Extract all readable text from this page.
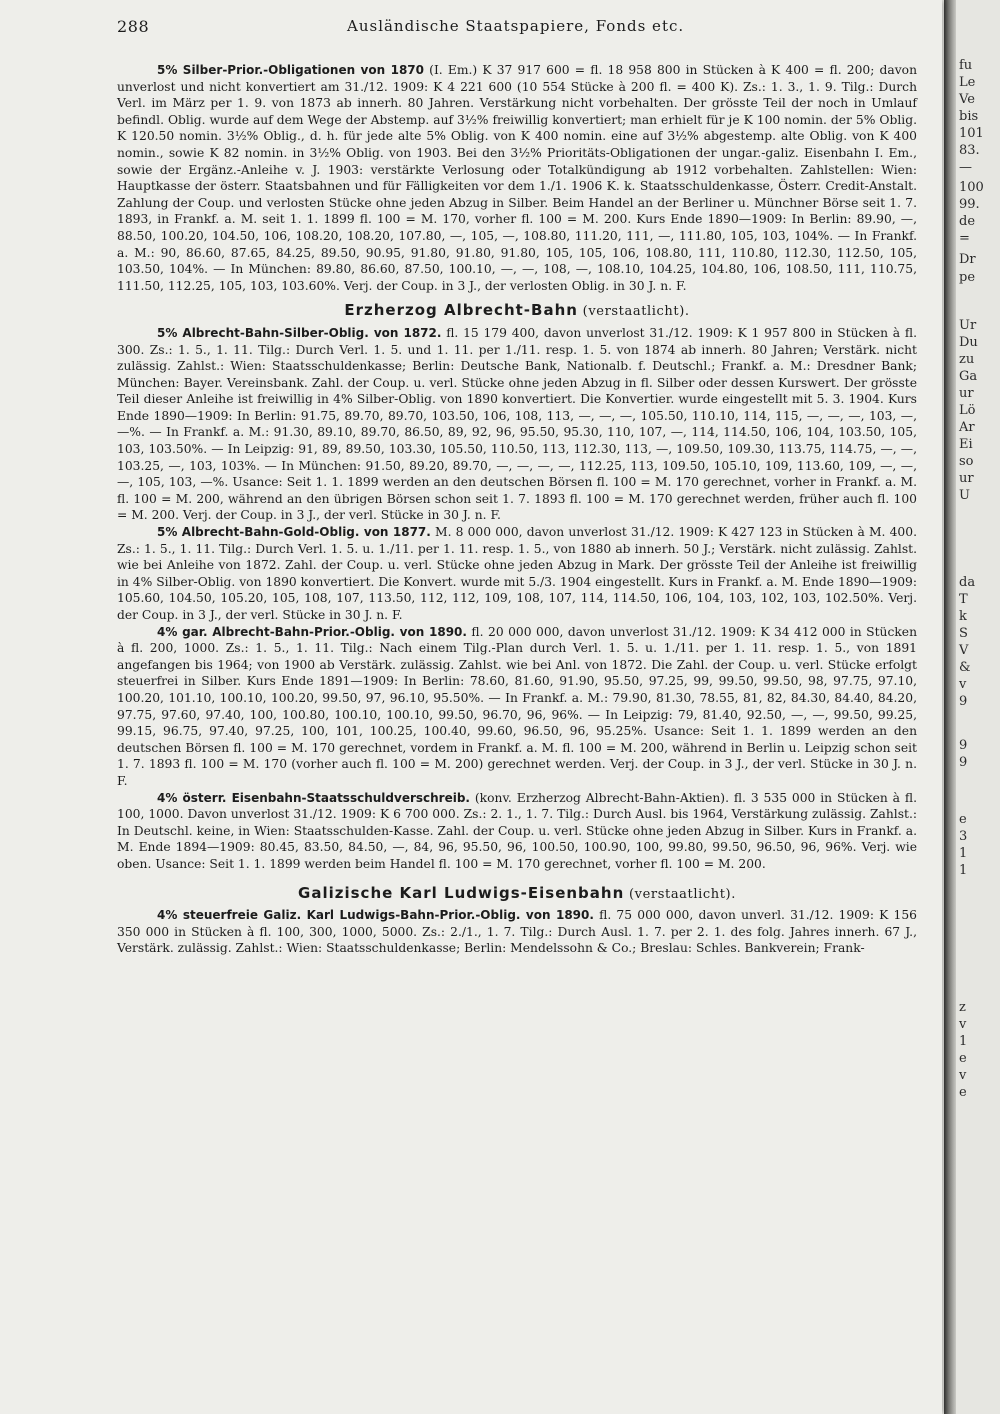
fu
Le
Ve
bis
101
83.
—
100
99.
de
=
Dr
pe
Ur
Du
zu
Ga
ur
Lö
Ar
Ei
so
ur
U
da
T
k
S
V
&
v
9
9
9
e
3
1
1
z
v
1
e
v
e
288	Ausländische Staatspapiere, Fonds etc.

5% Silber-Prior.-Obligationen von 1870 (I. Em.) K 37 917 600 = fl. 18 958 800 in Stücken à K 400 = fl. 200; davon unverlost und nicht konvertiert am 31./12. 1909: K 4 221 600 (10 554 Stücke à 200 fl. = 400 K). Zs.: 1. 3., 1. 9. Tilg.: Durch Verl. im März per 1. 9. von 1873 ab innerh. 80 Jahren. Verstärkung nicht vorbehalten. Der grösste Teil der noch in Umlauf befindl. Oblig. wurde auf dem Wege der Abstemp. auf 3½% freiwillig konvertiert; man erhielt für je K 100 nomin. der 5% Oblig. K 120.50 nomin. 3½% Oblig., d. h. für jede alte 5% Oblig. von K 400 nomin. eine auf 3½% abgestemp. alte Oblig. von K 400 nomin., sowie K 82 nomin. in 3½% Oblig. von 1903. Bei den 3½% Prioritäts-Obligationen der ungar.-galiz. Eisenbahn I. Em., sowie der Ergänz.-Anleihe v. J. 1903: verstärkte Verlosung oder Totalkündigung ab 1912 vorbehalten. Zahlstellen: Wien: Hauptkasse der österr. Staatsbahnen und für Fälligkeiten vor dem 1./1. 1906 K. k. Staatsschuldenkasse, Österr. Credit-Anstalt. Zahlung der Coup. und verlosten Stücke ohne jeden Abzug in Silber. Beim Handel an der Berliner u. Münchner Börse seit 1. 7. 1893, in Frankf. a. M. seit 1. 1. 1899 fl. 100 = M. 170, vorher fl. 100 = M. 200. Kurs Ende 1890—1909: In Berlin: 89.90, —, 88.50, 100.20, 104.50, 106, 108.20, 108.20, 107.80, —, 105, —, 108.80, 111.20, 111, —, 111.80, 105, 103, 104%. — In Frankf. a. M.: 90, 86.60, 87.65, 84.25, 89.50, 90.95, 91.80, 91.80, 91.80, 105, 105, 106, 108.80, 111, 110.80, 112.30, 112.50, 105, 103.50, 104%. — In München: 89.80, 86.60, 87.50, 100.10, —, —, 108, —, 108.10, 104.25, 104.80, 106, 108.50, 111, 110.75, 111.50, 112.25, 105, 103, 103.60%. Verj. der Coup. in 3 J., der verlosten Oblig. in 30 J. n. F.

Erzherzog Albrecht-Bahn (verstaatlicht).

5% Albrecht-Bahn-Silber-Oblig. von 1872. fl. 15 179 400, davon unverlost 31./12. 1909: K 1 957 800 in Stücken à fl. 300. Zs.: 1. 5., 1. 11. Tilg.: Durch Verl. 1. 5. und 1. 11. per 1./11. resp. 1. 5. von 1874 ab innerh. 80 Jahren; Verstärk. nicht zulässig. Zahlst.: Wien: Staatsschuldenkasse; Berlin: Deutsche Bank, Nationalb. f. Deutschl.; Frankf. a. M.: Dresdner Bank; München: Bayer. Vereinsbank. Zahl. der Coup. u. verl. Stücke ohne jeden Abzug in fl. Silber oder dessen Kurswert. Der grösste Teil dieser Anleihe ist freiwillig in 4% Silber-Oblig. von 1890 konvertiert. Die Konvertier. wurde eingestellt mit 5. 3. 1904. Kurs Ende 1890—1909: In Berlin: 91.75, 89.70, 89.70, 103.50, 106, 108, 113, —, —, —, 105.50, 110.10, 114, 115, —, —, —, 103, —, —%. — In Frankf. a. M.: 91.30, 89.10, 89.70, 86.50, 89, 92, 96, 95.50, 95.30, 110, 107, —, 114, 114.50, 106, 104, 103.50, 105, 103, 103.50%. — In Leipzig: 91, 89, 89.50, 103.30, 105.50, 110.50, 113, 112.30, 113, —, 109.50, 109.30, 113.75, 114.75, —, —, 103.25, —, 103, 103%. — In München: 91.50, 89.20, 89.70, —, —, —, —, 112.25, 113, 109.50, 105.10, 109, 113.60, 109, —, —, —, 105, 103, —%. Usance: Seit 1. 1. 1899 werden an den deutschen Börsen fl. 100 = M. 170 gerechnet, vorher in Frankf. a. M. fl. 100 = M. 200, während an den übrigen Börsen schon seit 1. 7. 1893 fl. 100 = M. 170 gerechnet werden, früher auch fl. 100 = M. 200. Verj. der Coup. in 3 J., der verl. Stücke in 30 J. n. F.

5% Albrecht-Bahn-Gold-Oblig. von 1877. M. 8 000 000, davon unverlost 31./12. 1909: K 427 123 in Stücken à M. 400. Zs.: 1. 5., 1. 11. Tilg.: Durch Verl. 1. 5. u. 1./11. per 1. 11. resp. 1. 5., von 1880 ab innerh. 50 J.; Verstärk. nicht zulässig. Zahlst. wie bei Anleihe von 1872. Zahl. der Coup. u. verl. Stücke ohne jeden Abzug in Mark. Der grösste Teil der Anleihe ist freiwillig in 4% Silber-Oblig. von 1890 konvertiert. Die Konvert. wurde mit 5./3. 1904 eingestellt. Kurs in Frankf. a. M. Ende 1890—1909: 105.60, 104.50, 105.20, 105, 108, 107, 113.50, 112, 112, 109, 108, 107, 114, 114.50, 106, 104, 103, 102, 103, 102.50%. Verj. der Coup. in 3 J., der verl. Stücke in 30 J. n. F.

4% gar. Albrecht-Bahn-Prior.-Oblig. von 1890. fl. 20 000 000, davon unverlost 31./12. 1909: K 34 412 000 in Stücken à fl. 200, 1000. Zs.: 1. 5., 1. 11. Tilg.: Nach einem Tilg.-Plan durch Verl. 1. 5. u. 1./11. per 1. 11. resp. 1. 5., von 1891 angefangen bis 1964; von 1900 ab Verstärk. zulässig. Zahlst. wie bei Anl. von 1872. Die Zahl. der Coup. u. verl. Stücke erfolgt steuerfrei in Silber. Kurs Ende 1891—1909: In Berlin: 78.60, 81.60, 91.90, 95.50, 97.25, 99, 99.50, 99.50, 98, 97.75, 97.10, 100.20, 101.10, 100.10, 100.20, 99.50, 97, 96.10, 95.50%. — In Frankf. a. M.: 79.90, 81.30, 78.55, 81, 82, 84.30, 84.40, 84.20, 97.75, 97.60, 97.40, 100, 100.80, 100.10, 100.10, 99.50, 96.70, 96, 96%. — In Leipzig: 79, 81.40, 92.50, —, —, 99.50, 99.25, 99.15, 96.75, 97.40, 97.25, 100, 101, 100.25, 100.40, 99.60, 96.50, 96, 95.25%. Usance: Seit 1. 1. 1899 werden an den deutschen Börsen fl. 100 = M. 170 gerechnet, vordem in Frankf. a. M. fl. 100 = M. 200, während in Berlin u. Leipzig schon seit 1. 7. 1893 fl. 100 = M. 170 (vorher auch fl. 100 = M. 200) gerechnet werden. Verj. der Coup. in 3 J., der verl. Stücke in 30 J. n. F.

4% österr. Eisenbahn-Staatsschuldverschreib. (konv. Erzherzog Albrecht-Bahn-Aktien). fl. 3 535 000 in Stücken à fl. 100, 1000. Davon unverlost 31./12. 1909: K 6 700 000. Zs.: 2. 1., 1. 7. Tilg.: Durch Ausl. bis 1964, Verstärkung zulässig. Zahlst.: In Deutschl. keine, in Wien: Staatsschulden-Kasse. Zahl. der Coup. u. verl. Stücke ohne jeden Abzug in Silber. Kurs in Frankf. a. M. Ende 1894—1909: 80.45, 83.50, 84.50, —, 84, 96, 95.50, 96, 100.50, 100.90, 100, 99.80, 99.50, 96.50, 96, 96%. Verj. wie oben. Usance: Seit 1. 1. 1899 werden beim Handel fl. 100 = M. 170 gerechnet, vorher fl. 100 = M. 200.

Galizische Karl Ludwigs-Eisenbahn (verstaatlicht).

4% steuerfreie Galiz. Karl Ludwigs-Bahn-Prior.-Oblig. von 1890. fl. 75 000 000, davon unverl. 31./12. 1909: K 156 350 000 in Stücken à fl. 100, 300, 1000, 5000. Zs.: 2./1., 1. 7. Tilg.: Durch Ausl. 1. 7. per 2. 1. des folg. Jahres innerh. 67 J., Verstärk. zulässig. Zahlst.: Wien: Staatsschuldenkasse; Berlin: Mendelssohn & Co.; Breslau: Schles. Bankverein; Frank-
